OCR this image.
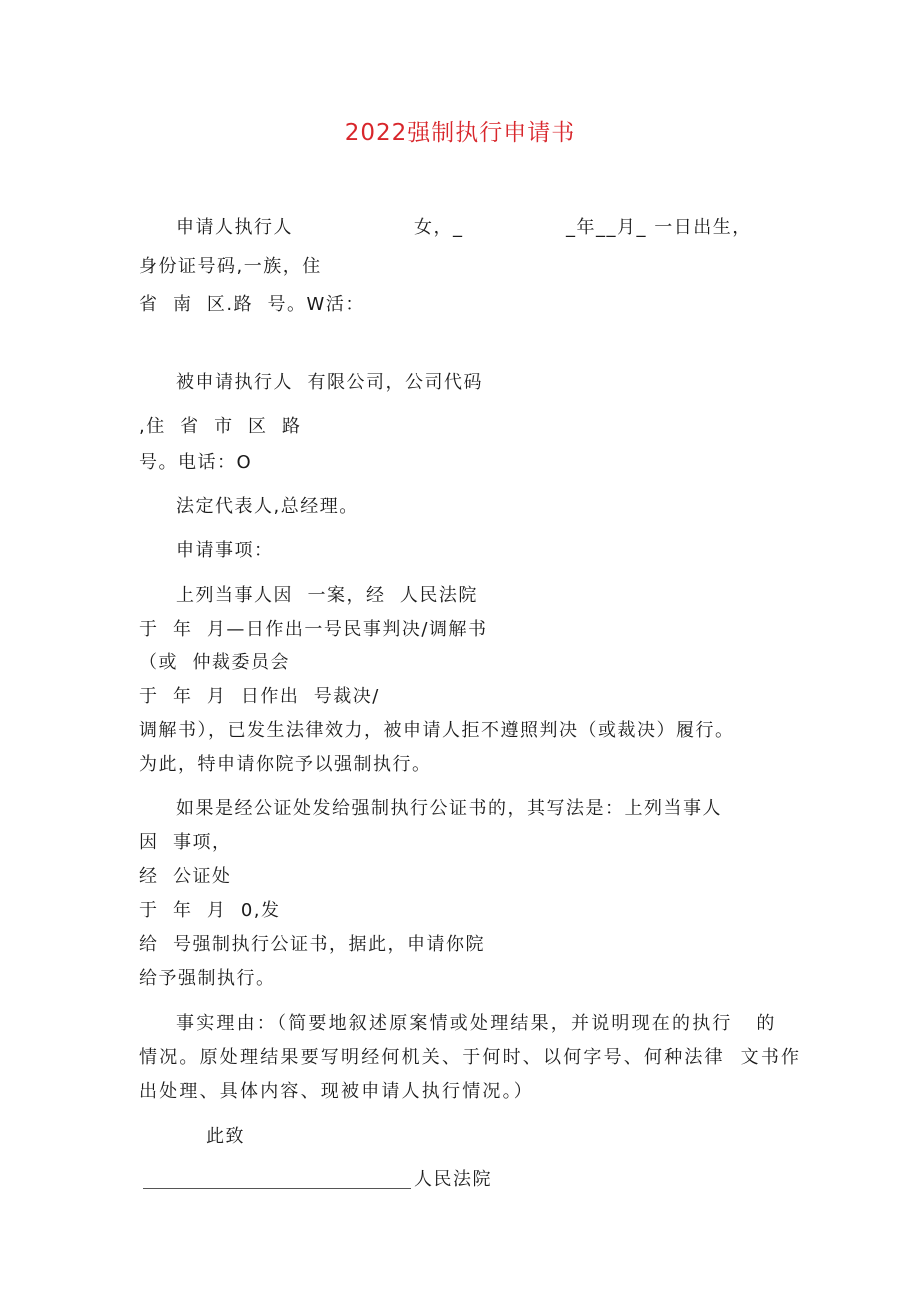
2022强制执行申请书
申请人执行人	女，_	_年__月_ 一日出生，
身份证号码,一族，住
省  南  区.路  号。W活：
被申请执行人  有限公司，公司代码
,住  省  市  区  路
号。电话：O
法定代表人,总经理。
申请事项：
上列当事人因  一案，经  人民法院
于  年  月—日作出一号民事判决/调解书
（或  仲裁委员会
于  年  月  日作出  号裁决/
调解书），已发生法律效力，被申请人拒不遵照判决（或裁决）履行。
为此，特申请你院予以强制执行。
如果是经公证处发给强制执行公证书的，其写法是：上列当事人
因  事项，
经  公证处
于  年  月  0,发
给  号强制执行公证书，据此，申请你院
给予强制执行。
事实理由：（简要地叙述原案情或处理结果，并说明现在的执行   的
情况。原处理结果要写明经何机关、于何时、以何字号、何种法律  文书作
出处理、具体内容、现被申请人执行情况。）
此致
人民法院
